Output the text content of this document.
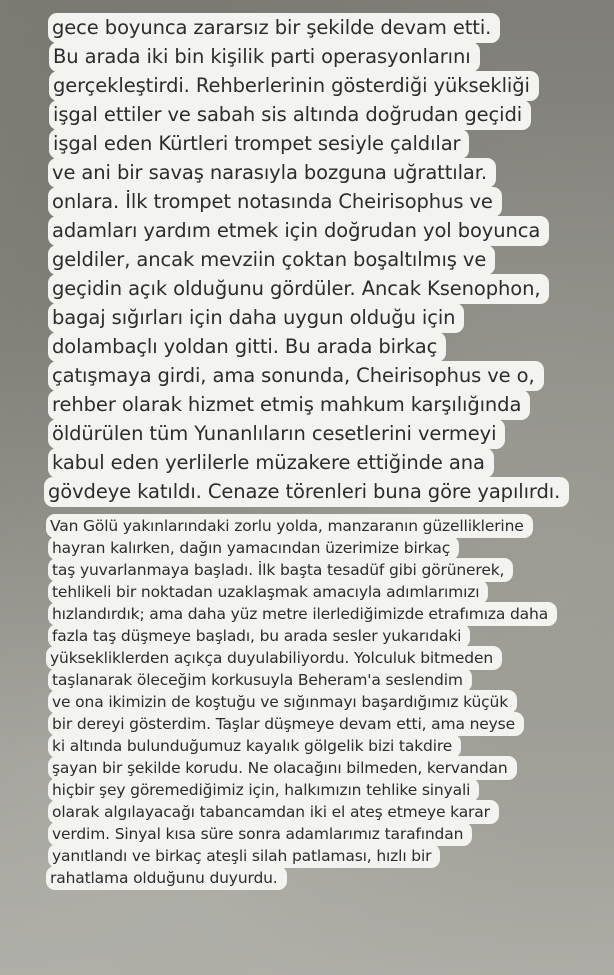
gece boyunca zararsız bir şekilde devam etti.
Bu arada iki bin kişilik parti operasyonlarını
gerçekleştirdi. Rehberlerinin gösterdiği yüksekliği
işgal ettiler ve sabah sis altında doğrudan geçidi
işgal eden Kürtleri trompet sesiyle çaldılar
ve ani bir savaş narasıyla bozguna uğrattılar.
onlara. İlk trompet notasında Cheirisophus ve
adamları yardım etmek için doğrudan yol boyunca
geldiler, ancak mevziin çoktan boşaltılmış ve
geçidin açık olduğunu gördüler. Ancak Ksenophon,
bagaj sığırları için daha uygun olduğu için
dolambaçlı yoldan gitti. Bu arada birkaç
çatışmaya girdi, ama sonunda, Cheirisophus ve o,
rehber olarak hizmet etmiş mahkum karşılığında
öldürülen tüm Yunanlıların cesetlerini vermeyi
kabul eden yerlilerle müzakere ettiğinde ana
gövdeye katıldı. Cenaze törenleri buna göre yapılırdı.
Van Gölü yakınlarındaki zorlu yolda, manzaranın güzelliklerine
hayran kalırken, dağın yamacından üzerimize birkaç
taş yuvarlanmaya başladı. İlk başta tesadüf gibi görünerek,
tehlikeli bir noktadan uzaklaşmak amacıyla adımlarımızı
hızlandırdık; ama daha yüz metre ilerlediğimizde etrafımıza daha
fazla taş düşmeye başladı, bu arada sesler yukarıdaki
yüksekliklerden açıkça duyulabiliyordu. Yolculuk bitmeden
taşlanarak öleceğim korkusuyla Beheram'a seslendim
ve ona ikimizin de koştuğu ve sığınmayı başardığımız küçük
bir dereyi gösterdim. Taşlar düşmeye devam etti, ama neyse
ki altında bulunduğumuz kayalık gölgelik bizi takdire
şayan bir şekilde korudu. Ne olacağını bilmeden, kervandan
hiçbir şey göremediğimiz için, halkımızın tehlike sinyali
olarak algılayacağı tabancamdan iki el ateş etmeye karar
verdim. Sinyal kısa süre sonra adamlarımız tarafından
yanıtlandı ve birkaç ateşli silah patlaması, hızlı bir
rahatlama olduğunu duyurdu.
